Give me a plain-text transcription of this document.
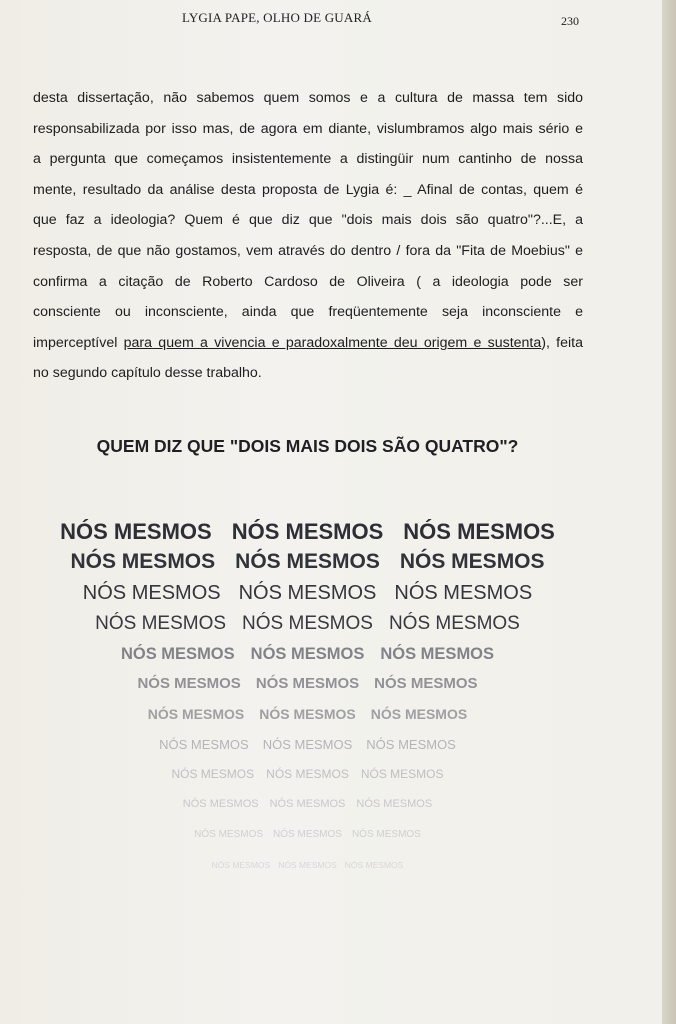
LYGIA PAPE, OLHO DE GUARÁ	230
desta dissertação, não sabemos quem somos e a cultura de massa tem sido
responsabilizada por isso mas, de agora em diante, vislumbramos algo mais sério e
a pergunta que começamos insistentemente a distingüir num cantinho de nossa
mente, resultado da análise desta proposta de Lygia é: _ Afinal de contas, quem é
que faz a ideologia? Quem é que diz que "dois mais dois são quatro"?...E, a
resposta, de que não gostamos, vem através do dentro / fora da "Fita de Moebius" e
confirma a citação de Roberto Cardoso de Oliveira ( a ideologia pode ser
consciente ou inconsciente, ainda que freqüentemente seja inconsciente e
imperceptível para quem a vivencia e paradoxalmente deu origem e sustenta), feita
no segundo capítulo desse trabalho.
QUEM DIZ QUE "DOIS MAIS DOIS SÃO QUATRO"?
NÓS MESMOS NÓS MESMOS NÓS MESMOS
NÓS MESMOS NÓS MESMOS NÓS MESMOS
NÓS MESMOS NÓS MESMOS NÓS MESMOS
NÓS MESMOS NÓS MESMOS NÓS MESMOS
NÓS MESMOS NÓS MESMOS NÓS MESMOS
NÓS MESMOS NÓS MESMOS NÓS MESMOS
NÓS MESMOS NÓS MESMOS NÓS MESMOS
NÓS MESMOS NÓS MESMOS NÓS MESMOS
NÓS MESMOS NÓS MESMOS NÓS MESMOS
NÓS MESMOS NÓS MESMOS NÓS MESMOS
NÓS MESMOS NÓS MESMOS NÓS MESMOS
NÓS MESMOS NÓS MESMOS NÓS MESMOS
